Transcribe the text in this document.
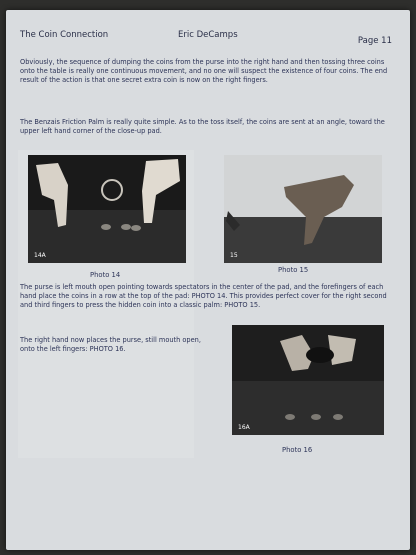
The Coin Connection	Eric DeCamps
Page 11
Obviously, the sequence of dumping the coins from the purse into the right hand and then tossing three coins onto the table is really one continuous movement, and no one will suspect the existence of four coins. The end result of the action is that one secret extra coin is now on the right fingers.
The Benzais Friction Palm is really quite simple. As to the toss itself, the coins are sent at an angle, toward the upper left hand corner of the close-up pad.
14A
Photo 14
15
Photo 15
The purse is left mouth open pointing towards spectators in the center of the pad, and the forefingers of each hand place the coins in a row at the top of the pad: PHOTO 14. This provides perfect cover for the right second and third fingers to press the hidden coin into a classic palm: PHOTO 15.
The right hand now places the purse, still mouth open, onto the left fingers: PHOTO 16.
16A
Photo 16
